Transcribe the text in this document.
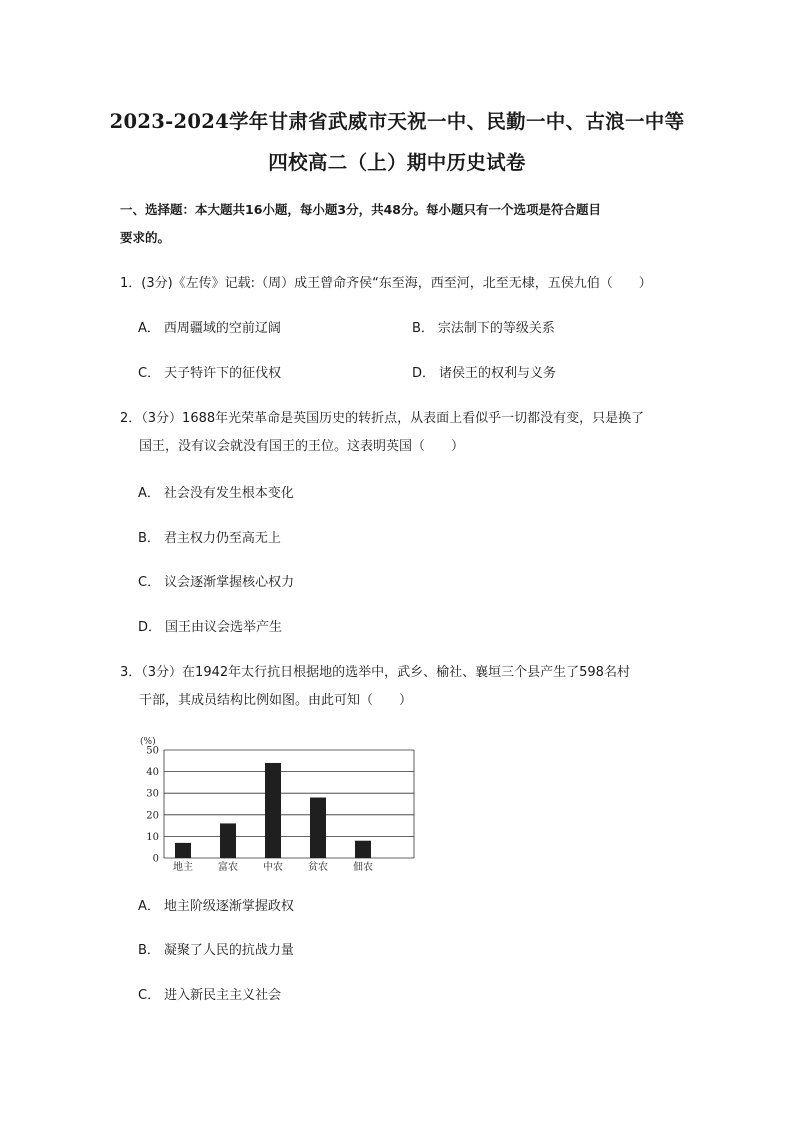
2023-2024学年甘肃省武威市天祝一中、民勤一中、古浪一中等
四校高二（上）期中历史试卷
一、选择题：本大题共16小题，每小题3分，共48分。每小题只有一个选项是符合题目
要求的。
1．(3分)《左传》记载:（周）成王曾命齐侯“东至海，西至河，北至无棣，五侯九伯（　　）
A． 西周疆域的空前辽阔	B． 宗法制下的等级关系
C． 天子特许下的征伐权	D． 诸侯王的权利与义务
2．（3分）1688年光荣革命是英国历史的转折点，从表面上看似乎一切都没有变，只是换了
国王，没有议会就没有国王的王位。这表明英国（　　）
A． 社会没有发生根本变化
B． 君主权力仍至高无上
C． 议会逐渐掌握核心权力
D． 国王由议会选举产生
3．（3分）在1942年太行抗日根据地的选举中，武乡、榆社、襄垣三个县产生了598名村
干部，其成员结构比例如图。由此可知（　　）
(%)
0
10
20
30
40
50
地主	富农	中农	贫农	佃农
A． 地主阶级逐渐掌握政权
B． 凝聚了人民的抗战力量
C． 进入新民主主义社会
